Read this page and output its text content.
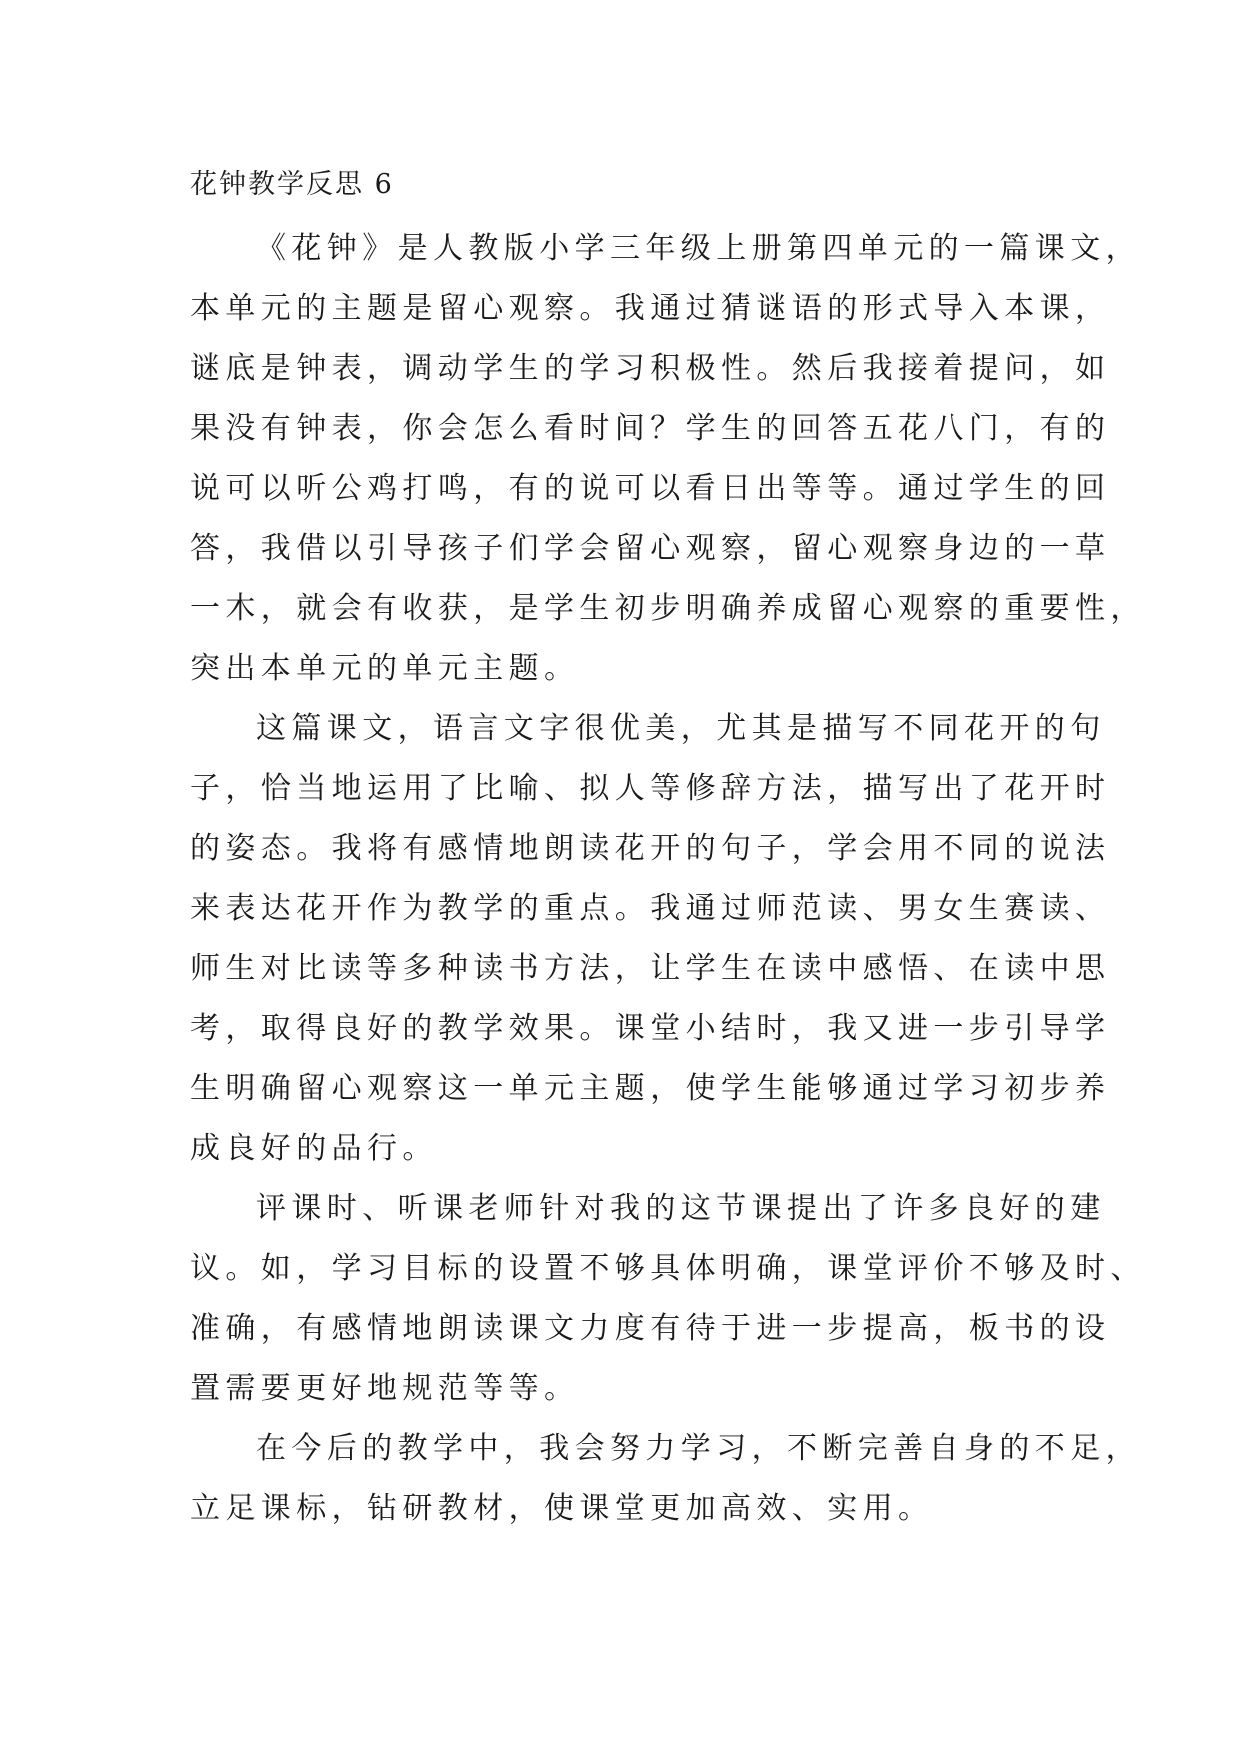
花钟教学反思 6
《花钟》是人教版小学三年级上册第四单元的一篇课文，
本单元的主题是留心观察。我通过猜谜语的形式导入本课，
谜底是钟表，调动学生的学习积极性。然后我接着提问，如
果没有钟表，你会怎么看时间？学生的回答五花八门，有的
说可以听公鸡打鸣，有的说可以看日出等等。通过学生的回
答，我借以引导孩子们学会留心观察，留心观察身边的一草
一木，就会有收获，是学生初步明确养成留心观察的重要性，
突出本单元的单元主题。
这篇课文，语言文字很优美，尤其是描写不同花开的句
子，恰当地运用了比喻、拟人等修辞方法，描写出了花开时
的姿态。我将有感情地朗读花开的句子，学会用不同的说法
来表达花开作为教学的重点。我通过师范读、男女生赛读、
师生对比读等多种读书方法，让学生在读中感悟、在读中思
考，取得良好的教学效果。课堂小结时，我又进一步引导学
生明确留心观察这一单元主题，使学生能够通过学习初步养
成良好的品行。
评课时、听课老师针对我的这节课提出了许多良好的建
议。如，学习目标的设置不够具体明确，课堂评价不够及时、
准确，有感情地朗读课文力度有待于进一步提高，板书的设
置需要更好地规范等等。
在今后的教学中，我会努力学习，不断完善自身的不足，
立足课标，钻研教材，使课堂更加高效、实用。
